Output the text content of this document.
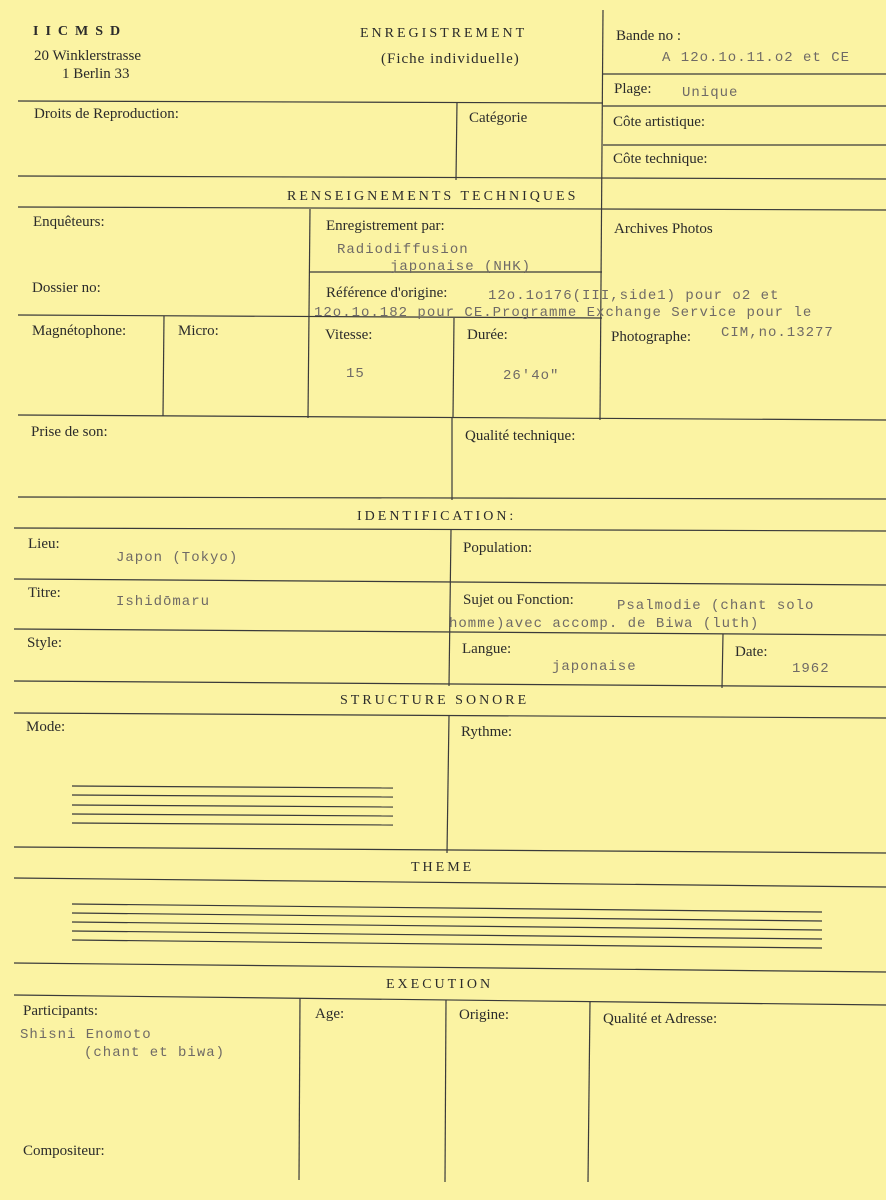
IICMSD
20 Winklerstrasse
1 Berlin 33
ENREGISTREMENT
(Fiche individuelle)
Bande no :
A 12o.1o.11.o2 et CE
Plage: Unique
Droits de Reproduction:	Catégorie	Côte artistique:
Côte technique:
RENSEIGNEMENTS TECHNIQUES
Enquêteurs:	Enregistrement par:
Radiodiffusion
japonaise (NHK)
Archives Photos
Dossier no:	Référence d'origine:	12o.1o176(III,side1) pour o2 et
12o.1o.182 pour CE.Programme Exchange Service pour le
Magnétophone:	Micro:	Vitesse:
15
Durée:
26'4o"
Photographe: CIM,no.13277
Prise de son:	Qualité technique:
IDENTIFICATION:
Lieu:
Japon (Tokyo)
Population:
Titre:
Ishidōmaru	Sujet ou Fonction:	Psalmodie (chant solo
homme)avec accomp. de Biwa (luth)
Style:	Langue:
japonaise
Date:
1962
STRUCTURE SONORE
Mode:	Rythme:
THEME
EXECUTION
Participants:
Shisni Enomoto
(chant et biwa)
Age:	Origine:	Qualité et Adresse:
Compositeur:
